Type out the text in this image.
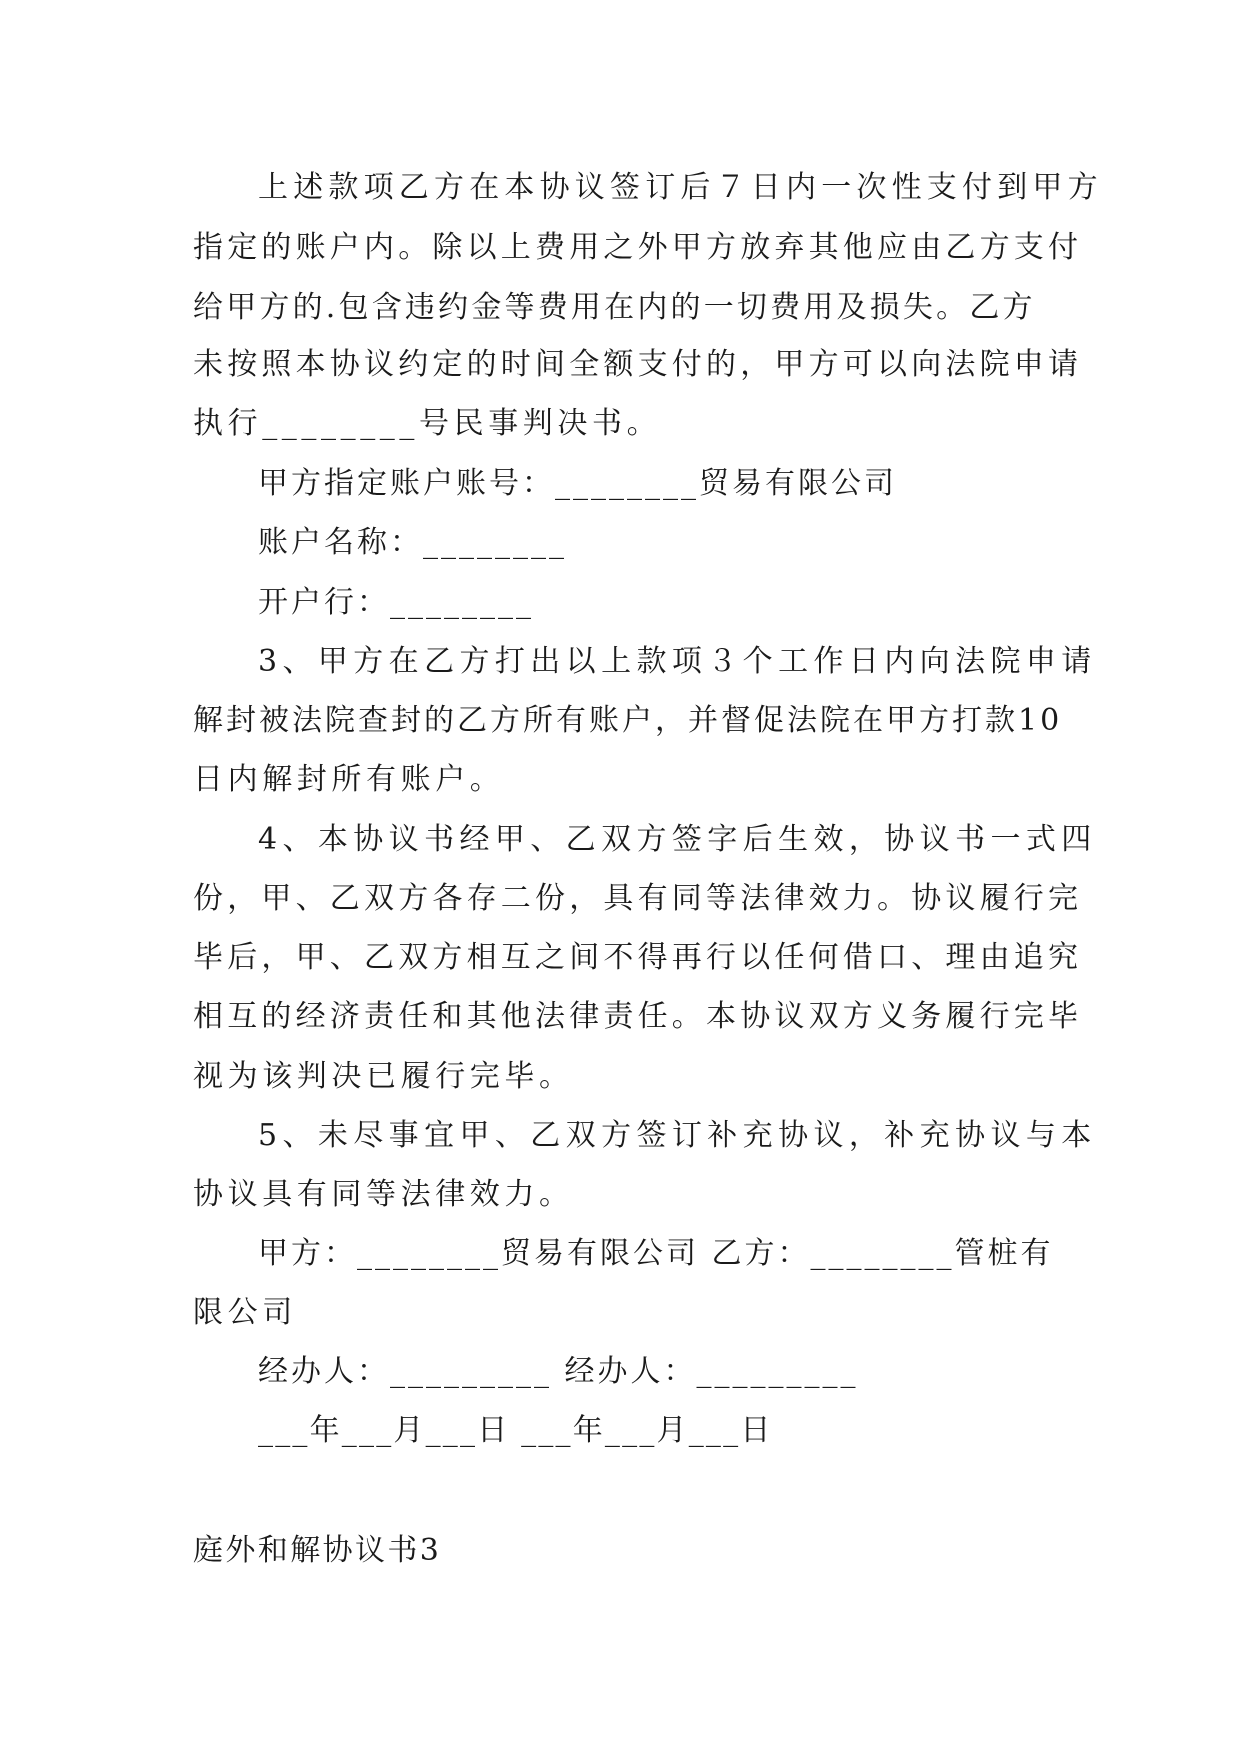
上述款项乙方在本协议签订后７日内一次性支付到甲方
指定的账户内。除以上费用之外甲方放弃其他应由乙方支付
给甲方的.包含违约金等费用在内的一切费用及损失。乙方
未按照本协议约定的时间全额支付的，甲方可以向法院申请
执行________号民事判决书。
甲方指定账户账号：________贸易有限公司
账户名称：________
开户行：________
3、甲方在乙方打出以上款项３个工作日内向法院申请
解封被法院查封的乙方所有账户，并督促法院在甲方打款10
日内解封所有账户。
4、本协议书经甲、乙双方签字后生效，协议书一式四
份，甲、乙双方各存二份，具有同等法律效力。协议履行完
毕后，甲、乙双方相互之间不得再行以任何借口、理由追究
相互的经济责任和其他法律责任。本协议双方义务履行完毕
视为该判决已履行完毕。
5、未尽事宜甲、乙双方签订补充协议，补充协议与本
协议具有同等法律效力。
甲方：________贸易有限公司 乙方：________管桩有
限公司
经办人：_________ 经办人：_________
___年___月___日 ___年___月___日
庭外和解协议书3
